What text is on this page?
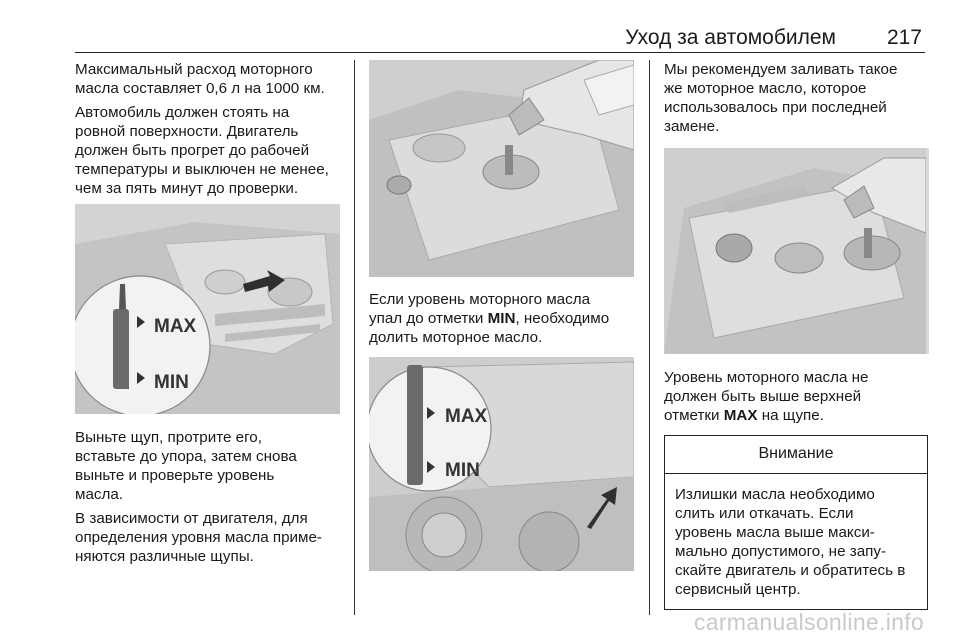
Уход за автомобилем 217

Максимальный расход моторного
масла составляет 0,6 л на 1000 км.

Автомобиль должен стоять на
ровной поверхности. Двигатель
должен быть прогрет до рабочей
температуры и выключен не менее,
чем за пять минут до проверки.

MAX
MIN

Выньте щуп, протрите его,
вставьте до упора, затем снова
выньте и проверьте уровень
масла.

В зависимости от двигателя, для
определения уровня масла приме-
няются различные щупы.

Если уровень моторного масла
упал до отметки MIN, необходимо
долить моторное масло.

MAX
MIN

Мы рекомендуем заливать такое
же моторное масло, которое
использовалось при последней
замене.

Уровень моторного масла не
должен быть выше верхней
отметки MAX на щупе.

Внимание
Излишки масла необходимо
слить или откачать. Если
уровень масла выше макси-
мально допустимого, не запу-
скайте двигатель и обратитесь в
сервисный центр.
carmanualsonline.info
